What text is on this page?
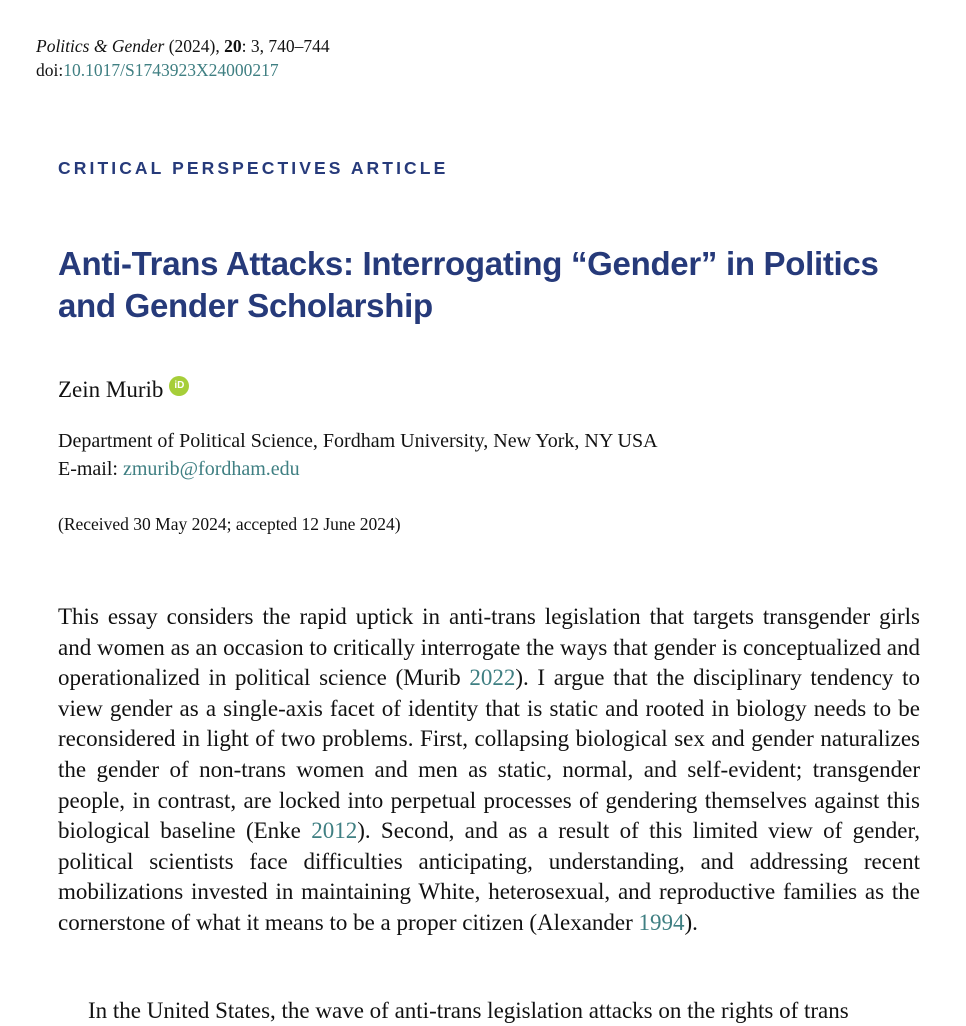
Politics & Gender (2024), 20: 3, 740–744
doi:10.1017/S1743923X24000217
CRITICAL PERSPECTIVES ARTICLE
Anti-Trans Attacks: Interrogating “Gender” in Politics and Gender Scholarship
Zein Murib	iD
Department of Political Science, Fordham University, New York, NY USA
E-mail: zmurib@fordham.edu
(Received 30 May 2024; accepted 12 June 2024)

This essay considers the rapid uptick in anti-trans legislation that targets transgender girls and women as an occasion to critically interrogate the ways that gender is conceptualized and operationalized in political science (Murib 2022). I argue that the disciplinary tendency to view gender as a single-axis facet of identity that is static and rooted in biology needs to be reconsidered in light of two problems. First, collapsing biological sex and gender naturalizes the gender of non-trans women and men as static, normal, and self-evident; transgender people, in contrast, are locked into perpetual processes of gendering themselves against this biological baseline (Enke 2012). Second, and as a result of this limited view of gender, political scientists face difficulties anticipating, understanding, and addressing recent mobilizations invested in maintaining White, heterosexual, and reproductive families as the cornerstone of what it means to be a proper citizen (Alexander 1994).

In the United States, the wave of anti-trans legislation attacks on the rights of trans
